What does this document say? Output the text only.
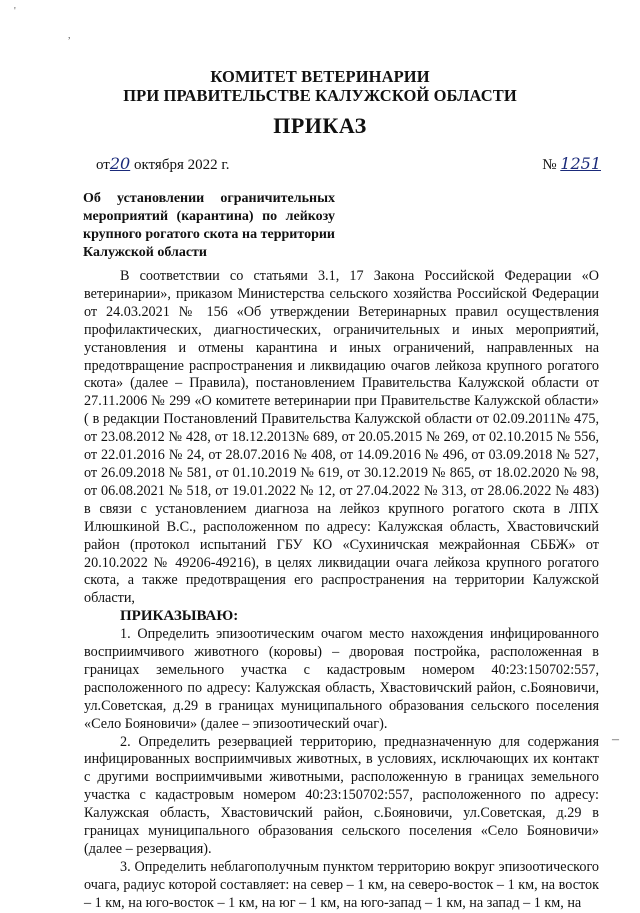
'
,
–
КОМИТЕТ ВЕТЕРИНАРИИ
ПРИ ПРАВИТЕЛЬСТВЕ КАЛУЖСКОЙ ОБЛАСТИ
ПРИКАЗ
от20 октября 2022 г.	№ 1251
Об установлении ограничительных мероприятий (карантина) по лейкозу крупного рогатого скота на территории Калужской области

В соответствии со статьями 3.1, 17 Закона Российской Федерации «О ветеринарии», приказом Министерства сельского хозяйства Российской Федерации от 24.03.2021 № 156 «Об утверждении Ветеринарных правил осуществления профилактических, диагностических, ограничительных и иных мероприятий, установления и отмены карантина и иных ограничений, направленных на предотвращение распространения и ликвидацию очагов лейкоза крупного рогатого скота» (далее – Правила), постановлением Правительства Калужской области от 27.11.2006 № 299 «О комитете ветеринарии при Правительстве Калужской области» ( в редакции Постановлений Правительства Калужской области от 02.09.2011№ 475, от 23.08.2012 № 428, от 18.12.2013№ 689, от 20.05.2015 № 269, от 02.10.2015 № 556, от 22.01.2016 № 24, от 28.07.2016 № 408, от 14.09.2016 № 496, от 03.09.2018 № 527, от 26.09.2018 № 581, от 01.10.2019 № 619, от 30.12.2019 № 865, от 18.02.2020 № 98, от 06.08.2021 № 518, от 19.01.2022 № 12, от 27.04.2022 № 313, от 28.06.2022 № 483) в связи с установлением диагноза на лейкоз крупного рогатого скота в ЛПХ Илюшкиной В.С., расположенном по адресу: Калужская область, Хвастовичский район (протокол испытаний ГБУ КО «Сухиничская межрайонная СББЖ» от 20.10.2022 № 49206-49216), в целях ликвидации очага лейкоза крупного рогатого скота, а также предотвращения его распространения на территории Калужской области,

ПРИКАЗЫВАЮ:

1. Определить эпизоотическим очагом место нахождения инфицированного восприимчивого животного (коровы) – дворовая постройка, расположенная в границах земельного участка с кадастровым номером 40:23:150702:557, расположенного по адресу: Калужская область, Хвастовичский район, с.Бояновичи, ул.Советская, д.29 в границах муниципального образования сельского поселения «Село Бояновичи» (далее – эпизоотический очаг).

2. Определить резервацией территорию, предназначенную для содержания инфицированных восприимчивых животных, в условиях, исключающих их контакт с другими восприимчивыми животными, расположенную в границах земельного участка с кадастровым номером 40:23:150702:557, расположенного по адресу: Калужская область, Хвастовичский район, с.Бояновичи, ул.Советская, д.29 в границах муниципального образования сельского поселения «Село Бояновичи» (далее – резервация).

3. Определить неблагополучным пунктом территорию вокруг эпизоотического очага, радиус которой составляет: на север – 1 км, на северо-восток – 1 км, на восток – 1 км, на юго-восток – 1 км, на юг – 1 км, на юго-запад – 1 км, на запад – 1 км, на
